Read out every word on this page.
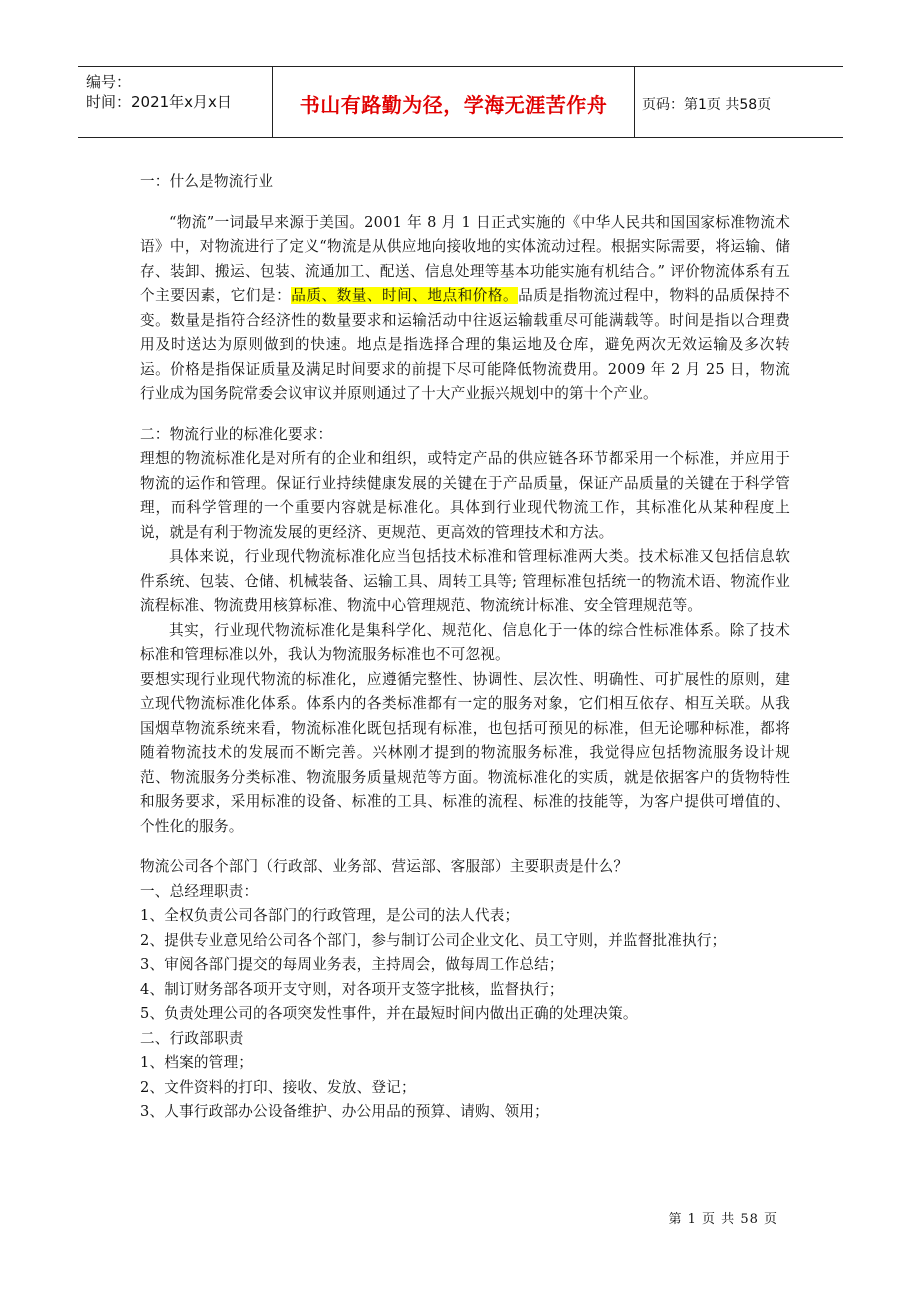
编号：
时间：2021年x月x日	书山有路勤为径，学海无涯苦作舟	页码：第1页 共58页

一：什么是物流行业

“物流”一词最早来源于美国。2001 年 8 月 1 日正式实施的《中华人民共和国国家标准物流术语》中，对物流进行了定义“物流是从供应地向接收地的实体流动过程。根据实际需要，将运输、储存、装卸、搬运、包装、流通加工、配送、信息处理等基本功能实施有机结合。” 评价物流体系有五个主要因素，它们是：品质、数量、时间、地点和价格。品质是指物流过程中，物料的品质保持不变。数量是指符合经济性的数量要求和运输活动中往返运输载重尽可能满载等。时间是指以合理费用及时送达为原则做到的快速。地点是指选择合理的集运地及仓库，避免两次无效运输及多次转运。价格是指保证质量及满足时间要求的前提下尽可能降低物流费用。2009 年 2 月 25 日，物流行业成为国务院常委会议审议并原则通过了十大产业振兴规划中的第十个产业。

二：物流行业的标准化要求：

理想的物流标准化是对所有的企业和组织，或特定产品的供应链各环节都采用一个标准，并应用于物流的运作和管理。保证行业持续健康发展的关键在于产品质量，保证产品质量的关键在于科学管理，而科学管理的一个重要内容就是标准化。具体到行业现代物流工作，其标准化从某种程度上说，就是有利于物流发展的更经济、更规范、更高效的管理技术和方法。

具体来说，行业现代物流标准化应当包括技术标准和管理标准两大类。技术标准又包括信息软件系统、包装、仓储、机械装备、运输工具、周转工具等; 管理标准包括统一的物流术语、物流作业流程标准、物流费用核算标准、物流中心管理规范、物流统计标准、安全管理规范等。

其实，行业现代物流标准化是集科学化、规范化、信息化于一体的综合性标准体系。除了技术标准和管理标准以外，我认为物流服务标准也不可忽视。

要想实现行业现代物流的标准化，应遵循完整性、协调性、层次性、明确性、可扩展性的原则，建立现代物流标准化体系。体系内的各类标准都有一定的服务对象，它们相互依存、相互关联。从我国烟草物流系统来看，物流标准化既包括现有标准，也包括可预见的标准，但无论哪种标准，都将随着物流技术的发展而不断完善。兴林刚才提到的物流服务标准，我觉得应包括物流服务设计规范、物流服务分类标准、物流服务质量规范等方面。物流标准化的实质，就是依据客户的货物特性和服务要求，采用标准的设备、标准的工具、标准的流程、标准的技能等，为客户提供可增值的、个性化的服务。

物流公司各个部门（行政部、业务部、营运部、客服部）主要职责是什么？

一、总经理职责：

1、全权负责公司各部门的行政管理，是公司的法人代表；

2、提供专业意见给公司各个部门，参与制订公司企业文化、员工守则，并监督批准执行；

3、审阅各部门提交的每周业务表，主持周会，做每周工作总结；

4、制订财务部各项开支守则，对各项开支签字批核，监督执行；

5、负责处理公司的各项突发性事件，并在最短时间内做出正确的处理决策。

二、行政部职责

1、档案的管理；

2、文件资料的打印、接收、发放、登记；

3、人事行政部办公设备维护、办公用品的预算、请购、领用；

第 1 页 共 58 页
